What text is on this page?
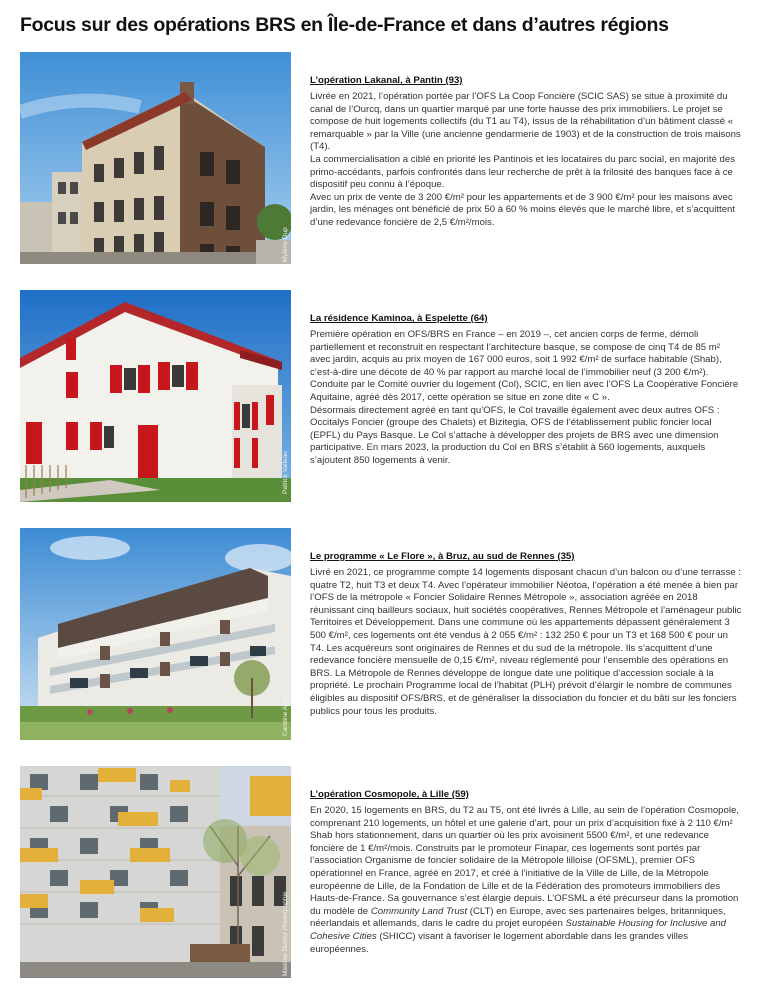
Focus sur des opérations BRS en Île-de-France et dans d’autres régions
Mylène Dup
L’opération Lakanal, à Pantin (93)

Livrée en 2021, l’opération portée par l’OFS La Coop Foncière (SCIC SAS) se situe à proximité du canal de l’Ourcq, dans un quartier marqué par une forte hausse des prix immobiliers. Le projet se compose de huit logements collectifs (du T1 au T4), issus de la réhabilitation d’un bâtiment classé « remarquable » par la Ville (une ancienne gendarmerie de 1903) et de la construction de trois maisons (T4).

La commercialisation a ciblé en priorité les Pantinois et les locataires du parc social, en majorité des primo-accédants, parfois confrontés dans leur recherche de prêt à la frilosité des banques face à ce dispositif peu connu à l’époque.

Avec un prix de vente de 3 200 €/m² pour les appartements et de 3 900 €/m² pour les maisons avec jardin, les ménages ont bénéficié de prix 50 à 60 % moins élevés que le marché libre, et s’acquittent d’une redevance foncière de 2,5 €/m²/mois.

Patrick Valleau
La résidence Kaminoa, à Espelette (64)

Première opération en OFS/BRS en France – en 2019 –, cet ancien corps de ferme, démoli partiellement et reconstruit en respectant l’architecture basque, se compose de cinq T4 de 85 m² avec jardin, acquis au prix moyen de 167 000 euros, soit 1 992 €/m² de surface habitable (Shab), c’est-à-dire une décote de 40 % par rapport au marché local de l’immobilier neuf (3 200 €/m²). Conduite par le Comité ouvrier du logement (Col), SCIC, en lien avec l’OFS La Coopérative Foncière Aquitaine, agréé dès 2017, cette opération se situe en zone dite « C ».

Désormais directement agréé en tant qu’OFS, le Col travaille également avec deux autres OFS : Occitalys Foncier (groupe des Chalets) et Bizitegia, OFS de l’établissement public foncier local (EPFL) du Pays Basque. Le Col s’attache à développer des projets de BRS avec une dimension participative. En mars 2023, la production du Col en BRS s’établit à 560 logements, auxquels s’ajoutent 850 logements à venir.

Caroline Ablain
Le programme « Le Flore », à Bruz, au sud de Rennes (35)

Livré en 2021, ce programme compte 14 logements disposant chacun d’un balcon ou d’une terrasse : quatre T2, huit T3 et deux T4. Avec l’opérateur immobilier Néotoa, l’opération a été menée à bien par l’OFS de la métropole « Foncier Solidaire Rennes Métropole », association agréée en 2018 réunissant cinq bailleurs sociaux, huit sociétés coopératives, Rennes Métropole et l’aménageur public Territoires et Développement. Dans une commune où les appartements dépassent généralement 3 500 €/m², ces logements ont été vendus à 2 055 €/m² : 132 250 € pour un T3 et 168 500 € pour un T4. Les acquéreurs sont originaires de Rennes et du sud de la métropole. Ils s’acquittent d’une redevance foncière mensuelle de 0,15 €/m², niveau réglementé pour l’ensemble des opérations en BRS. La Métropole de Rennes développe de longue date une politique d’accession sociale à la propriété. Le prochain Programme local de l’habitat (PLH) prévoit d’élargir le nombre de communes éligibles au dispositif OFS/BRS, et de généraliser la dissociation du foncier et du bâti sur les fonciers publics pour tous les produits.

Maxime Dufour Photographie
L’opération Cosmopole, à Lille (59)

En 2020, 15 logements en BRS, du T2 au T5, ont été livrés à Lille, au sein de l’opération Cosmopole, comprenant 210 logements, un hôtel et une galerie d’art, pour un prix d’acquisition fixé à 2 110 €/m² Shab hors stationnement, dans un quartier où les prix avoisinent 5500 €/m², et une redevance foncière de 1 €/m²/mois. Construits par le promoteur Finapar, ces logements sont portés par l’association Organisme de foncier solidaire de la Métropole lilloise (OFSML), premier OFS opérationnel en France, agréé en 2017, et créé à l’initiative de la Ville de Lille, de la Métropole européenne de Lille, de la Fondation de Lille et de la Fédération des promoteurs immobiliers des Hauts-de-France. Sa gouvernance s’est élargie depuis. L’OFSML a été précurseur dans la promotion du modèle de Community Land Trust (CLT) en Europe, avec ses partenaires belges, britanniques, néerlandais et allemands, dans le cadre du projet européen Sustainable Housing for Inclusive and Cohesive Cities (SHICC) visant à favoriser le logement abordable dans les grandes villes européennes.
